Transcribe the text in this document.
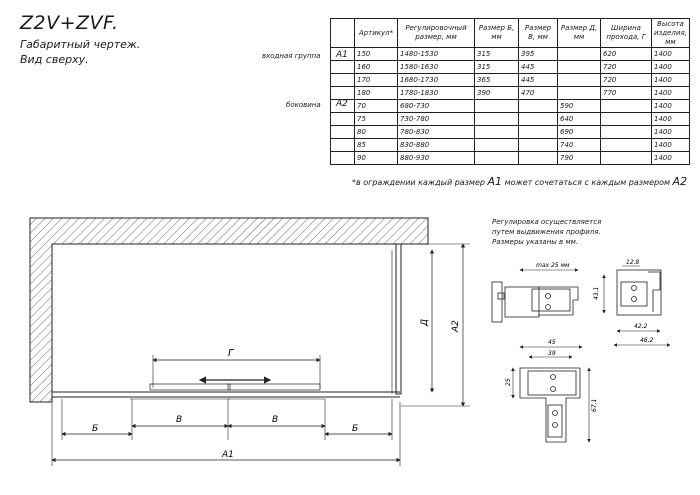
Z2V+ZVF.
Габаритный чертеж.
Вид сверху.	входная группа A1
боковина A2
	Артикул*	Регулировочный размер, мм	Размер Б, мм	Размер В, мм	Размер Д, мм	Ширина прохода, Г	Высота изделия, мм
	150	1480-1530	315	395		620	1400
	160	1580-1630	315	445		720	1400
	170	1680-1730	365	445		720	1400
	180	1780-1830	390	470		770	1400
	70	680-730			590		1400
	75	730-780			640		1400
	80	780-830			690		1400
	85	830-880			740		1400
	90	880-930			790		1400
*в ограждении каждый размер A1 может сочетаться с каждым размером A2
Регулировка осуществляется
путем выдвижения профиля.
Размеры указаны в мм.
Г
Б
В	В
Б
A1
A2
Д
max 25 мм	12,8
43,1
42,2
46,2
45
39
25
67,1
